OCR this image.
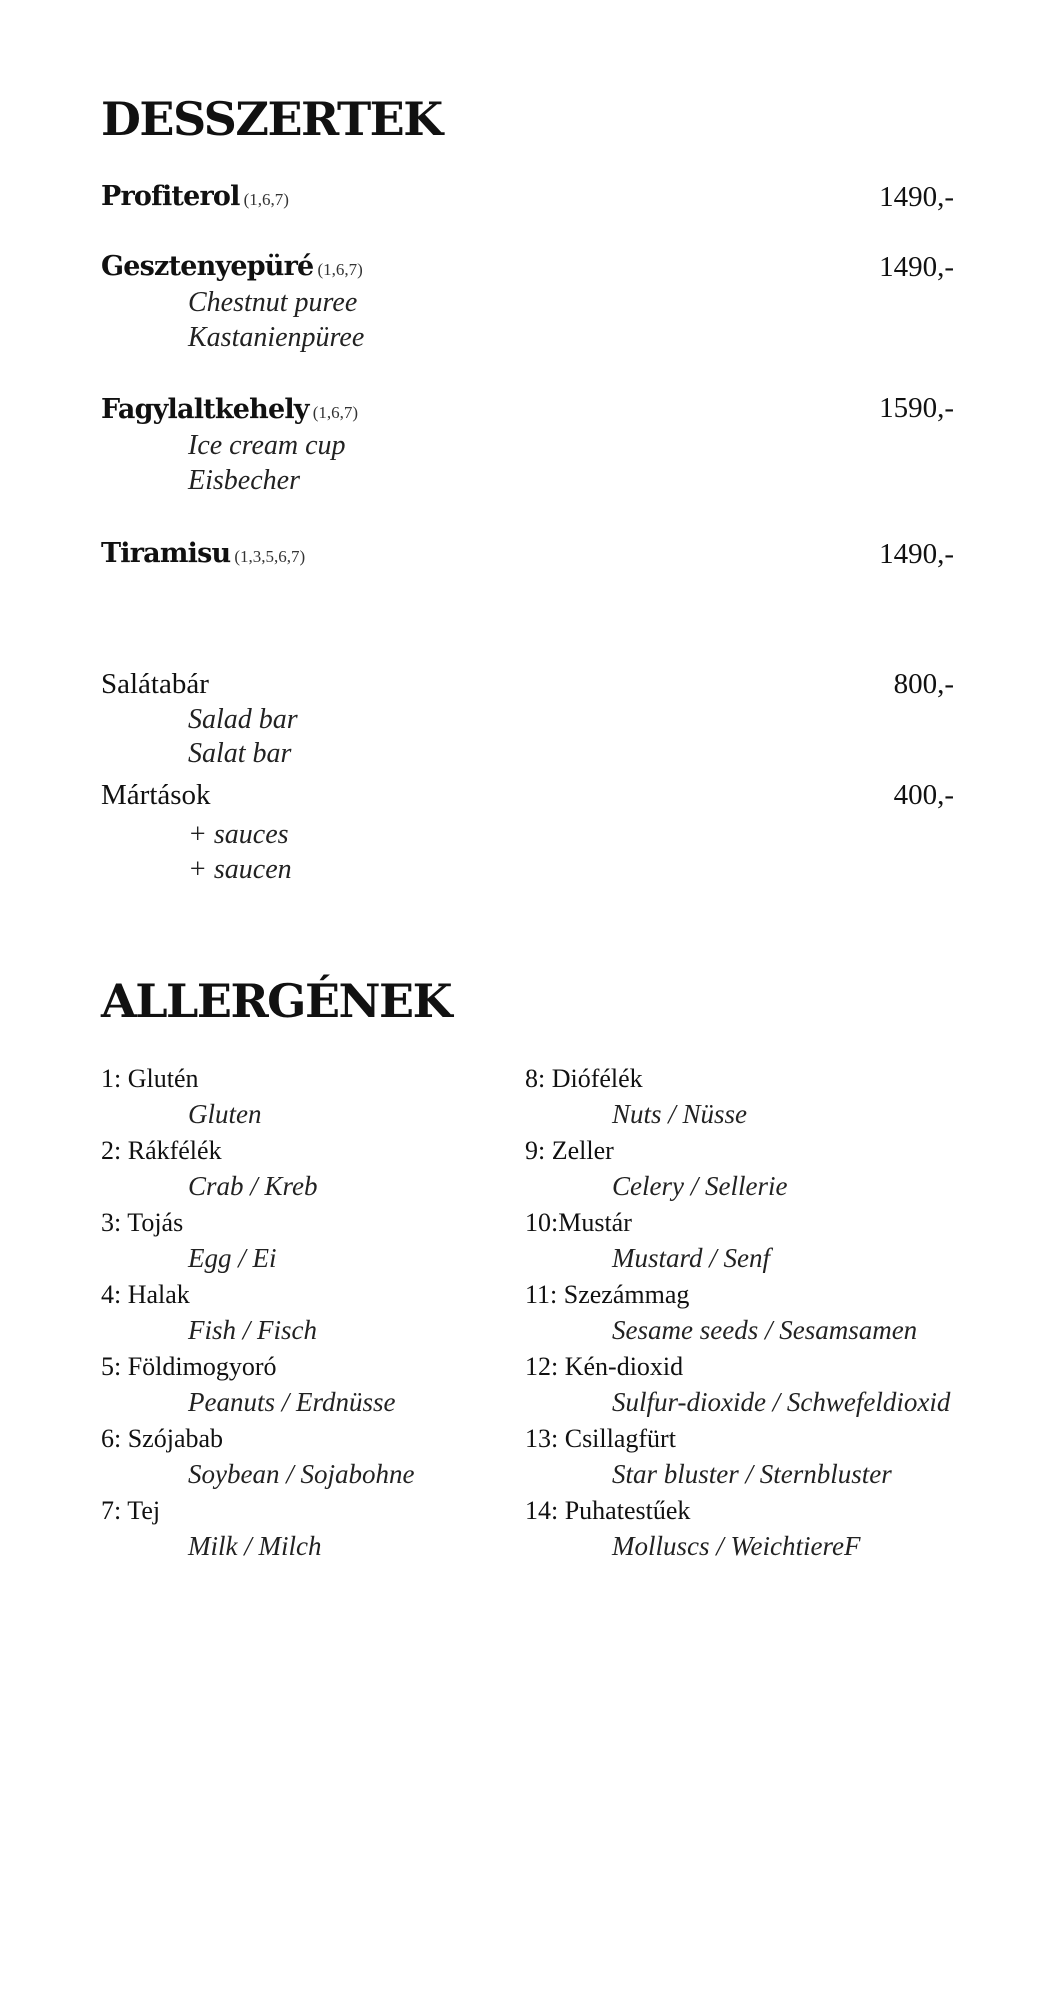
DESSZERTEK
Profiterol (1,6,7)	1490,-
Gesztenyepüré (1,6,7)	1490,-
Chestnut puree
Kastanienpüree
Fagylaltkehely (1,6,7)	1590,-
Ice cream cup
Eisbecher
Tiramisu (1,3,5,6,7)	1490,-
Salátabár	800,-
Salad bar
Salat bar
Mártások	400,-
+ sauces
+ saucen
ALLERGÉNEK
1: Glutén
Gluten
2: Rákfélék
Crab / Kreb
3: Tojás
Egg / Ei
4: Halak
Fish / Fisch
5: Földimogyoró
Peanuts / Erdnüsse
6: Szójabab
Soybean / Sojabohne
7: Tej
Milk / Milch
8: Diófélék
Nuts / Nüsse
9: Zeller
Celery / Sellerie
10:Mustár
Mustard / Senf
11: Szezámmag
Sesame seeds / Sesamsamen
12: Kén-dioxid
Sulfur-dioxide / Schwefeldioxid
13: Csillagfürt
Star bluster / Sternbluster
14: Puhatestűek
Molluscs / WeichtiereF
